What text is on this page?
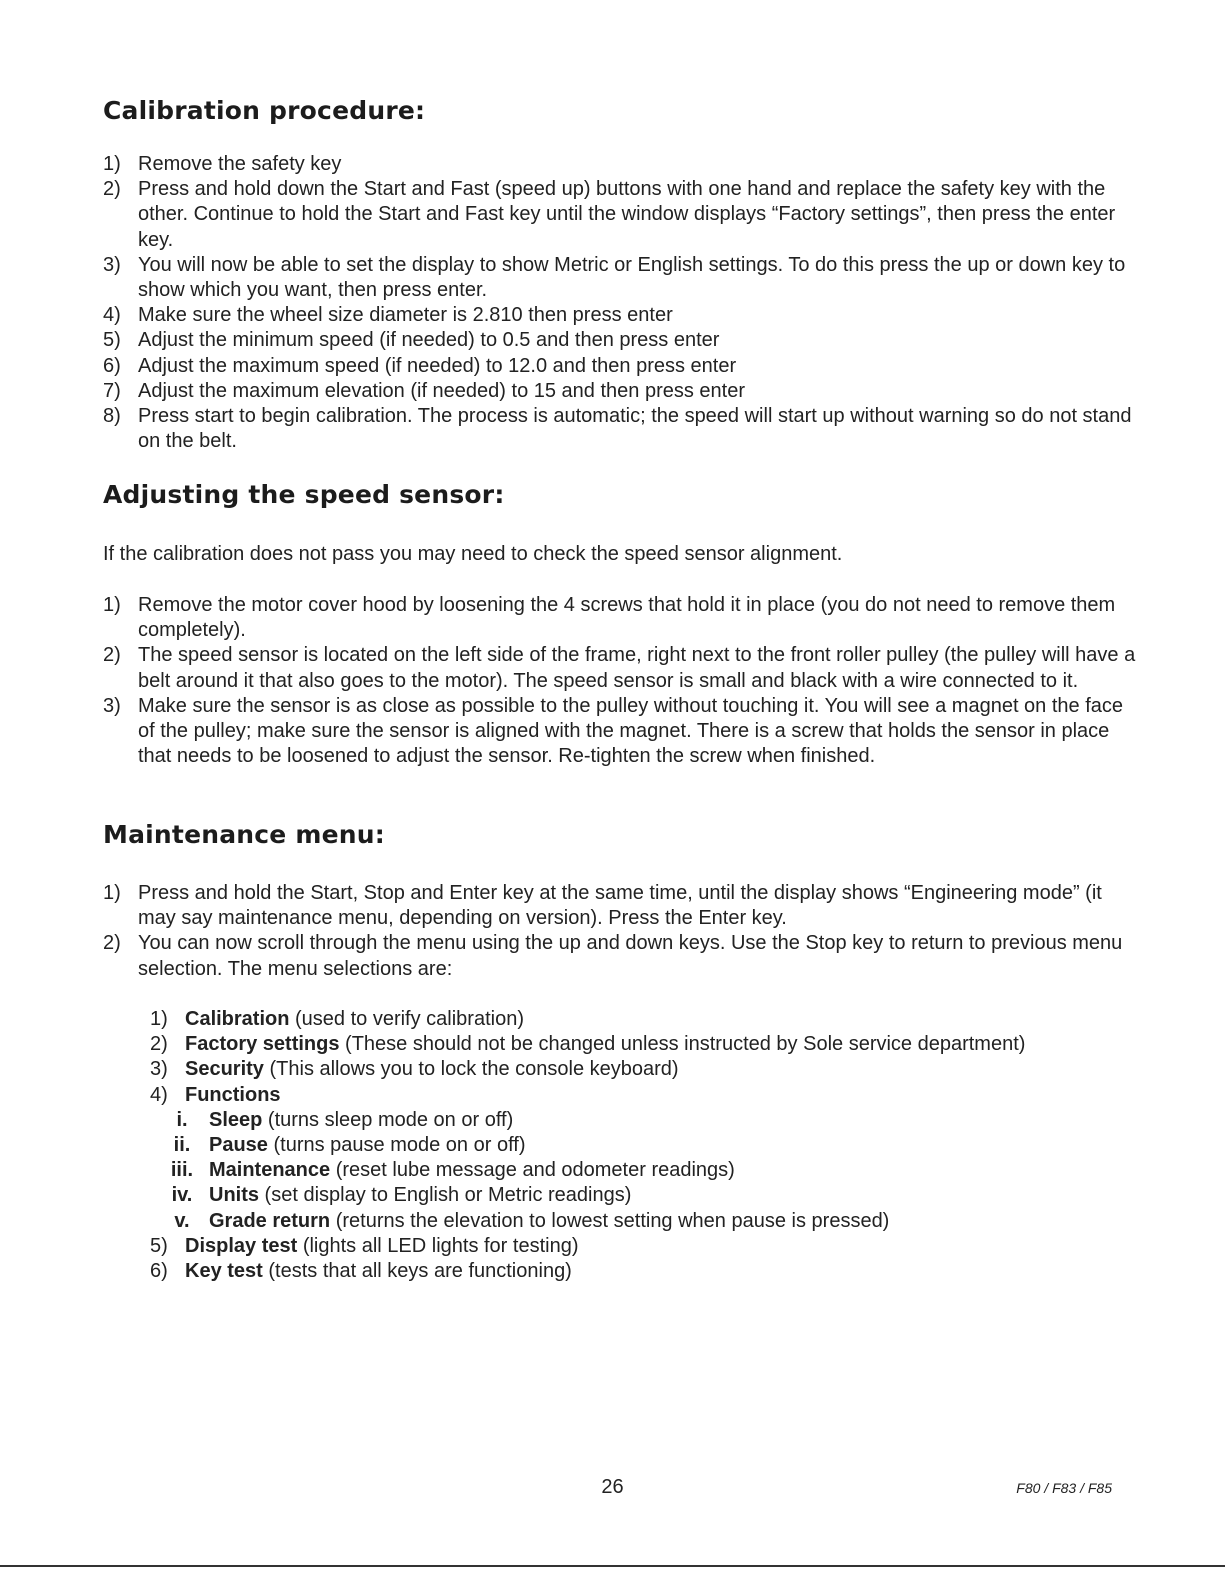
Calibration procedure:
1) Remove the safety key
2) Press and hold down the Start and Fast (speed up) buttons with one hand and replace the safety key with the other. Continue to hold the Start and Fast key until the window displays “Factory settings”, then press the enter key.
3) You will now be able to set the display to show Metric or English settings. To do this press the up or down key to show which you want, then press enter.
4) Make sure the wheel size diameter is 2.810 then press enter
5) Adjust the minimum speed (if needed) to 0.5 and then press enter
6) Adjust the maximum speed (if needed) to 12.0 and then press enter
7) Adjust the maximum elevation (if needed) to 15 and then press enter
8) Press start to begin calibration. The process is automatic; the speed will start up without warning so do not stand on the belt.
Adjusting the speed sensor:

If the calibration does not pass you may need to check the speed sensor alignment.

1) Remove the motor cover hood by loosening the 4 screws that hold it in place (you do not need to remove them completely).
2) The speed sensor is located on the left side of the frame, right next to the front roller pulley (the pulley will have a belt around it that also goes to the motor). The speed sensor is small and black with a wire connected to it.
3) Make sure the sensor is as close as possible to the pulley without touching it. You will see a magnet on the face of the pulley; make sure the sensor is aligned with the magnet. There is a screw that holds the sensor in place that needs to be loosened to adjust the sensor. Re-tighten the screw when finished.
Maintenance menu:
1) Press and hold the Start, Stop and Enter key at the same time, until the display shows “Engineering mode” (it may say maintenance menu, depending on version). Press the Enter key.
2) You can now scroll through the menu using the up and down keys. Use the Stop key to return to previous menu selection. The menu selections are:
1) Calibration (used to verify calibration)
2) Factory settings (These should not be changed unless instructed by Sole service department)
3) Security (This allows you to lock the console keyboard)
4) Functions
i.	Sleep (turns sleep mode on or off)
ii. Pause (turns pause mode on or off)
iii. Maintenance (reset lube message and odometer readings)
iv. Units (set display to English or Metric readings)
v. Grade return (returns the elevation to lowest setting when pause is pressed)
5) Display test (lights all LED lights for testing)
6) Key test (tests that all keys are functioning)
26	F80 / F83 / F85
